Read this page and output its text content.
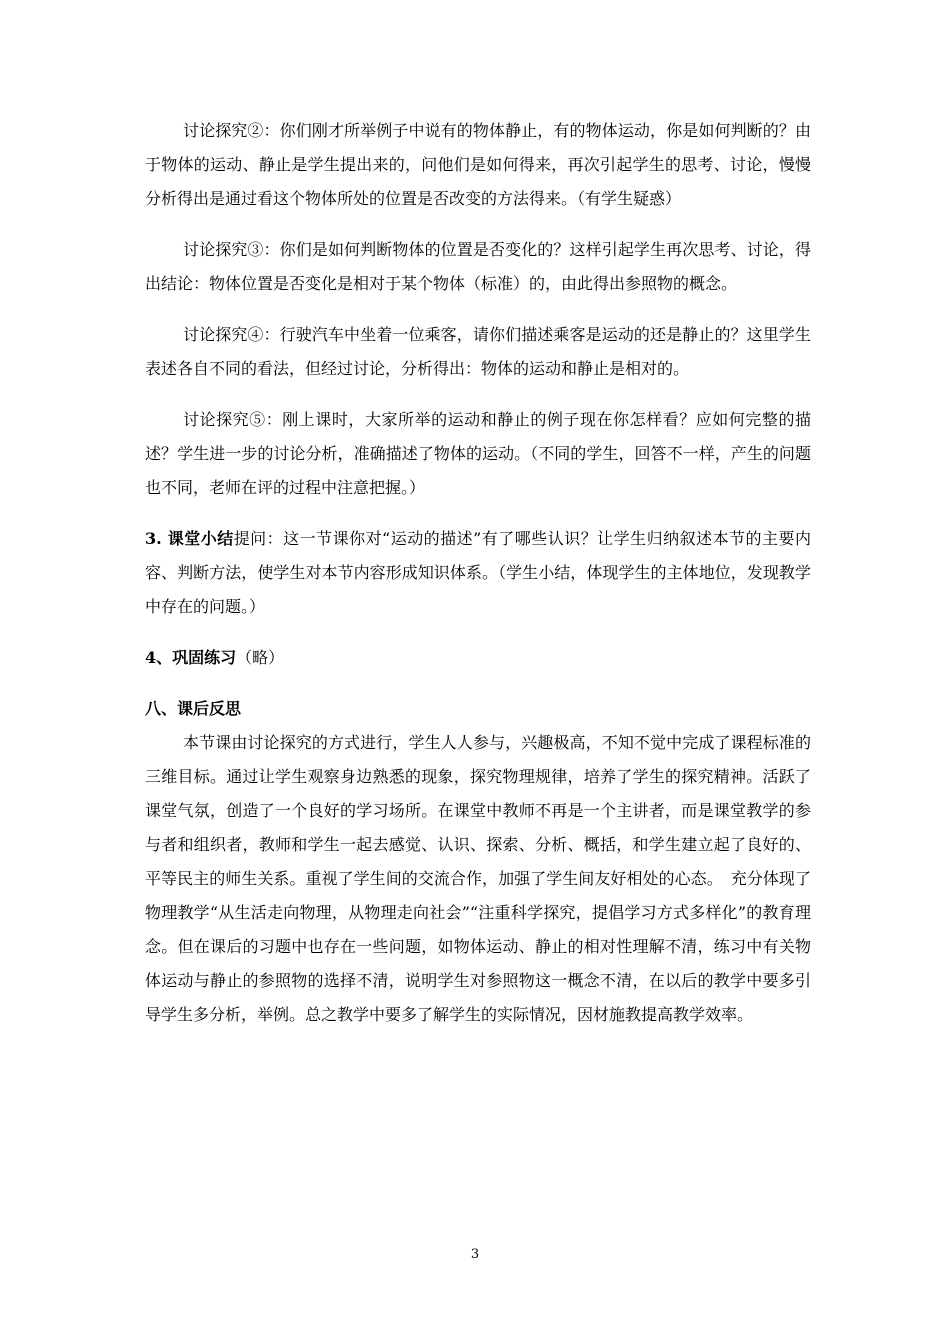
讨论探究②：你们刚才所举例子中说有的物体静止，有的物体运动，你是如何判断的？由于物体的运动、静止是学生提出来的，问他们是如何得来，再次引起学生的思考、讨论，慢慢分析得出是通过看这个物体所处的位置是否改变的方法得来。（有学生疑惑）

讨论探究③：你们是如何判断物体的位置是否变化的？这样引起学生再次思考、讨论，得出结论：物体位置是否变化是相对于某个物体（标准）的，由此得出参照物的概念。

讨论探究④：行驶汽车中坐着一位乘客，请你们描述乘客是运动的还是静止的？这里学生表述各自不同的看法，但经过讨论，分析得出：物体的运动和静止是相对的。

讨论探究⑤：刚上课时，大家所举的运动和静止的例子现在你怎样看？应如何完整的描述？学生进一步的讨论分析，准确描述了物体的运动。（不同的学生，回答不一样，产生的问题也不同，老师在评的过程中注意把握。）

3. 课堂小结提问：这一节课你对“运动的描述”有了哪些认识？让学生归纳叙述本节的主要内容、判断方法，使学生对本节内容形成知识体系。（学生小结，体现学生的主体地位，发现教学中存在的问题。）

4、巩固练习（略）

八、课后反思

本节课由讨论探究的方式进行，学生人人参与，兴趣极高，不知不觉中完成了课程标准的三维目标。通过让学生观察身边熟悉的现象，探究物理规律，培养了学生的探究精神。活跃了课堂气氛，创造了一个良好的学习场所。在课堂中教师不再是一个主讲者，而是课堂教学的参与者和组织者，教师和学生一起去感觉、认识、探索、分析、概括，和学生建立起了良好的、平等民主的师生关系。重视了学生间的交流合作，加强了学生间友好相处的心态。　充分体现了物理教学“从生活走向物理，从物理走向社会”“注重科学探究，提倡学习方式多样化”的教育理念。但在课后的习题中也存在一些问题，如物体运动、静止的相对性理解不清，练习中有关物体运动与静止的参照物的选择不清，说明学生对参照物这一概念不清，在以后的教学中要多引导学生多分析，举例。总之教学中要多了解学生的实际情况，因材施教提高教学效率。

3
